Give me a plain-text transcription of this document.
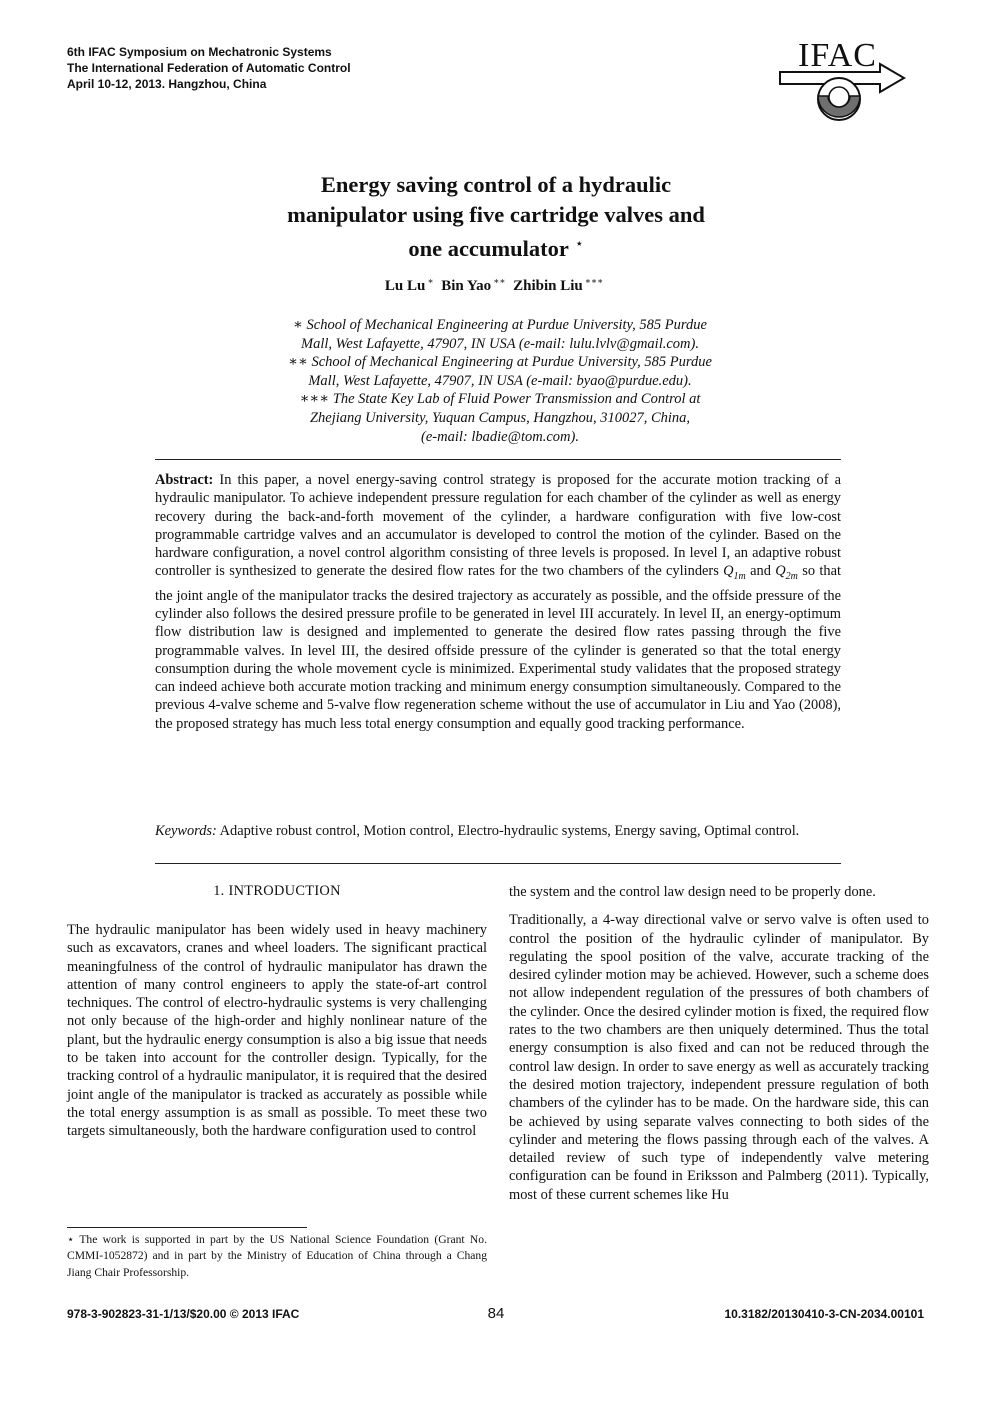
6th IFAC Symposium on Mechatronic Systems
The International Federation of Automatic Control
April 10-12, 2013. Hangzhou, China
IFAC
Energy saving control of a hydraulic
manipulator using five cartridge valves and
one accumulator ⋆
Lu Lu ∗ Bin Yao ∗∗ Zhibin Liu ∗∗∗
∗ School of Mechanical Engineering at Purdue University, 585 Purdue
Mall, West Lafayette, 47907, IN USA (e-mail: lulu.lvlv@gmail.com).
∗∗ School of Mechanical Engineering at Purdue University, 585 Purdue
Mall, West Lafayette, 47907, IN USA (e-mail: byao@purdue.edu).
∗∗∗ The State Key Lab of Fluid Power Transmission and Control at
Zhejiang University, Yuquan Campus, Hangzhou, 310027, China,
(e-mail: lbadie@tom.com).
Abstract: In this paper, a novel energy-saving control strategy is proposed for the accurate motion tracking of a hydraulic manipulator. To achieve independent pressure regulation for each chamber of the cylinder as well as energy recovery during the back-and-forth movement of the cylinder, a hardware configuration with five low-cost programmable cartridge valves and an accumulator is developed to control the motion of the cylinder. Based on the hardware configuration, a novel control algorithm consisting of three levels is proposed. In level I, an adaptive robust controller is synthesized to generate the desired flow rates for the two chambers of the cylinders $Q_{1m}$ and $Q_{2m}$ so that the joint angle of the manipulator tracks the desired trajectory as accurately as possible, and the offside pressure of the cylinder also follows the desired pressure profile to be generated in level III accurately. In level II, an energy-optimum flow distribution law is designed and implemented to generate the desired flow rates passing through the five programmable valves. In level III, the desired offside pressure of the cylinder is generated so that the total energy consumption during the whole movement cycle is minimized. Experimental study validates that the proposed strategy can indeed achieve both accurate motion tracking and minimum energy consumption simultaneously. Compared to the previous 4-valve scheme and 5-valve flow regeneration scheme without the use of accumulator in Liu and Yao (2008), the proposed strategy has much less total energy consumption and equally good tracking performance.
Keywords: Adaptive robust control, Motion control, Electro-hydraulic systems, Energy saving, Optimal control.
1. INTRODUCTION

The hydraulic manipulator has been widely used in heavy machinery such as excavators, cranes and wheel loaders. The significant practical meaningfulness of the control of hydraulic manipulator has drawn the attention of many control engineers to apply the state-of-art control techniques. The control of electro-hydraulic systems is very challenging not only because of the high-order and highly nonlinear nature of the plant, but the hydraulic energy consumption is also a big issue that needs to be taken into account for the controller design. Typically, for the tracking control of a hydraulic manipulator, it is required that the desired joint angle of the manipulator is tracked as accurately as possible while the total energy assumption is as small as possible. To meet these two targets simultaneously, both the hardware configuration used to control

the system and the control law design need to be properly done.

Traditionally, a 4-way directional valve or servo valve is often used to control the position of the hydraulic cylinder of manipulator. By regulating the spool position of the valve, accurate tracking of the desired cylinder motion may be achieved. However, such a scheme does not allow independent regulation of the pressures of both chambers of the cylinder. Once the desired cylinder motion is fixed, the required flow rates to the two chambers are then uniquely determined. Thus the total energy consumption is also fixed and can not be reduced through the control law design. In order to save energy as well as accurately tracking the desired motion trajectory, independent pressure regulation of both chambers of the cylinder has to be made. On the hardware side, this can be achieved by using separate valves connecting to both sides of the cylinder and metering the flows passing through each of the valves. A detailed review of such type of independently valve metering configuration can be found in Eriksson and Palmberg (2011). Typically, most of these current schemes like Hu

⋆ The work is supported in part by the US National Science Foundation (Grant No. CMMI-1052872) and in part by the Ministry of Education of China through a Chang Jiang Chair Professorship.
978-3-902823-31-1/13/$20.00 © 2013 IFAC	84	10.3182/20130410-3-CN-2034.00101
